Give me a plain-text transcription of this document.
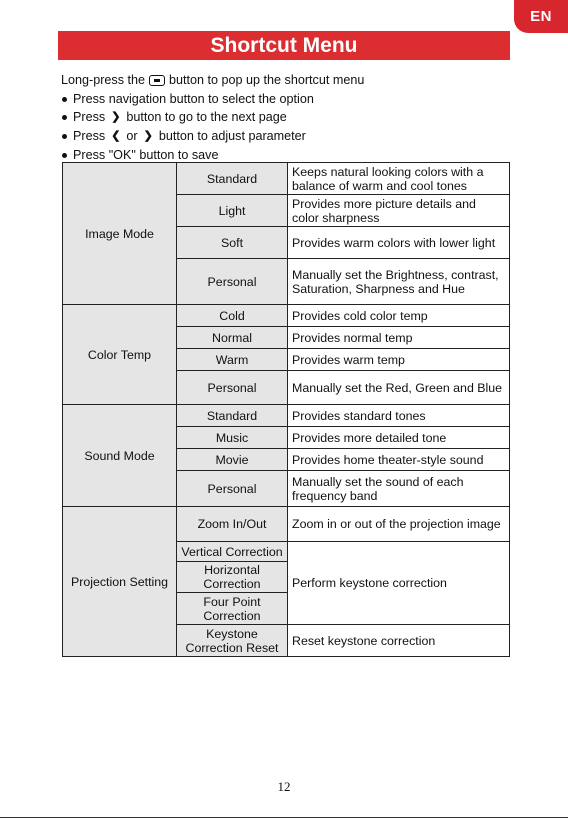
EN
Shortcut Menu
Long-press the button to pop up the shortcut menu
Press navigation button to select the option
Press ❯ button to go to the next page
Press ❮ or ❯ button to adjust parameter
Press "OK" button to save
Image Mode	Standard	Keeps natural looking colors with a balance of warm and cool tones
	Light	Provides more picture details and color sharpness
	Soft	Provides warm colors with lower light
	Personal	Manually set the Brightness, contrast, Saturation, Sharpness and Hue
Color Temp	Cold	Provides cold color temp
	Normal	Provides normal temp
	Warm	Provides warm temp
	Personal	Manually set the Red, Green and Blue
Sound Mode	Standard	Provides standard tones
	Music	Provides more detailed tone
	Movie	Provides home theater-style sound
	Personal	Manually set the sound of each frequency band
Projection Setting	Zoom In/Out	Zoom in or out of the projection image
	Vertical Correction	Perform keystone correction
	Horizontal Correction	
	Four Point Correction	
	Keystone Correction Reset	Reset keystone correction
12
